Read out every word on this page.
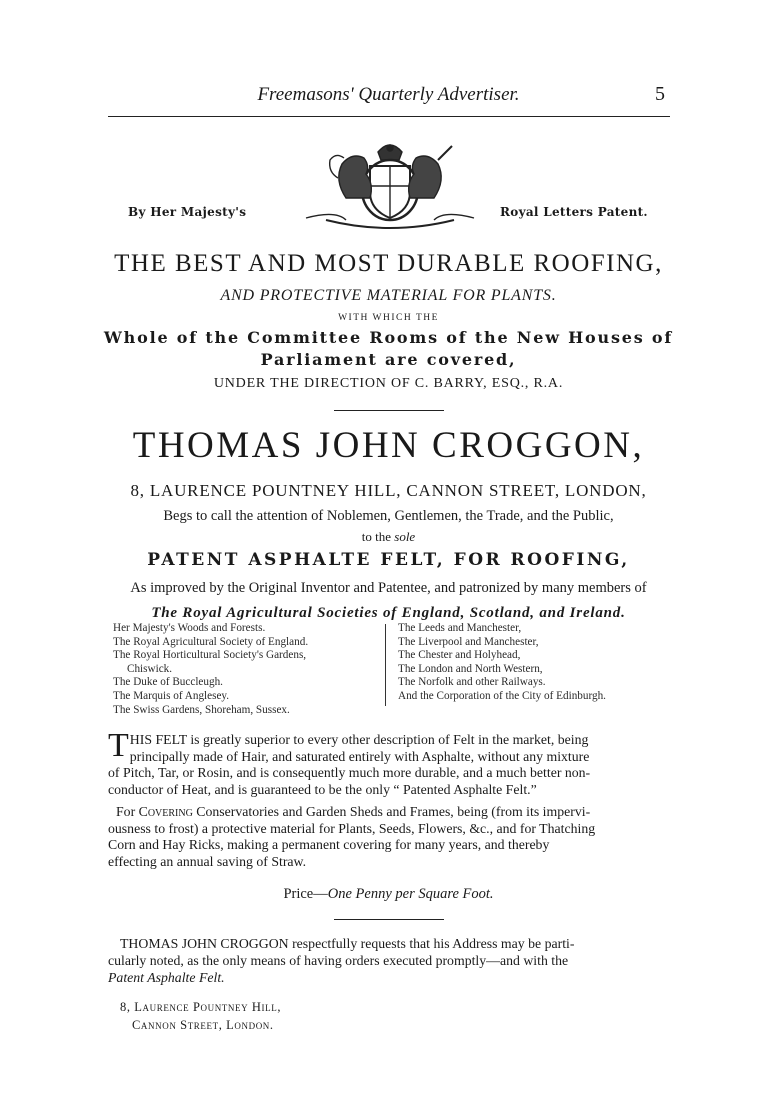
Freemasons' Quarterly Advertiser.	5
By Her Majesty's	Royal Letters Patent.
THE BEST AND MOST DURABLE ROOFING,
AND PROTECTIVE MATERIAL FOR PLANTS.
WITH WHICH THE
Whole of the Committee Rooms of the New Houses of
Parliament are covered,
UNDER THE DIRECTION OF C. BARRY, ESQ., R.A.
THOMAS JOHN CROGGON,
8, LAURENCE POUNTNEY HILL, CANNON STREET, LONDON,
Begs to call the attention of Noblemen, Gentlemen, the Trade, and the Public,
to the sole
PATENT ASPHALTE FELT, FOR ROOFING,
As improved by the Original Inventor and Patentee, and patronized by many members of
The Royal Agricultural Societies of England, Scotland, and Ireland.
Her Majesty's Woods and Forests.
The Royal Agricultural Society of England.
The Royal Horticultural Society's Gardens,
Chiswick.
The Duke of Buccleugh.
The Marquis of Anglesey.
The Swiss Gardens, Shoreham, Sussex.
The Leeds and Manchester,
The Liverpool and Manchester,
The Chester and Holyhead,
The London and North Western,
The Norfolk and other Railways.
And the Corporation of the City of Edinburgh.
T HIS FELT is greatly superior to every other description of Felt in the market, being
principally made of Hair, and saturated entirely with Asphalte, without any mixture
of Pitch, Tar, or Rosin, and is consequently much more durable, and a much better non-
conductor of Heat, and is guaranteed to be the only “ Patented Asphalte Felt.”
For Covering Conservatories and Garden Sheds and Frames, being (from its impervi-
ousness to frost) a protective material for Plants, Seeds, Flowers, &c., and for Thatching
Corn and Hay Ricks, making a permanent covering for many years, and thereby
effecting an annual saving of Straw.
Price—One Penny per Square Foot.
THOMAS JOHN CROGGON respectfully requests that his Address may be parti-
cularly noted, as the only means of having orders executed promptly—and with the
Patent Asphalte Felt.
8, Laurence Pountney Hill,
Cannon Street, London.
